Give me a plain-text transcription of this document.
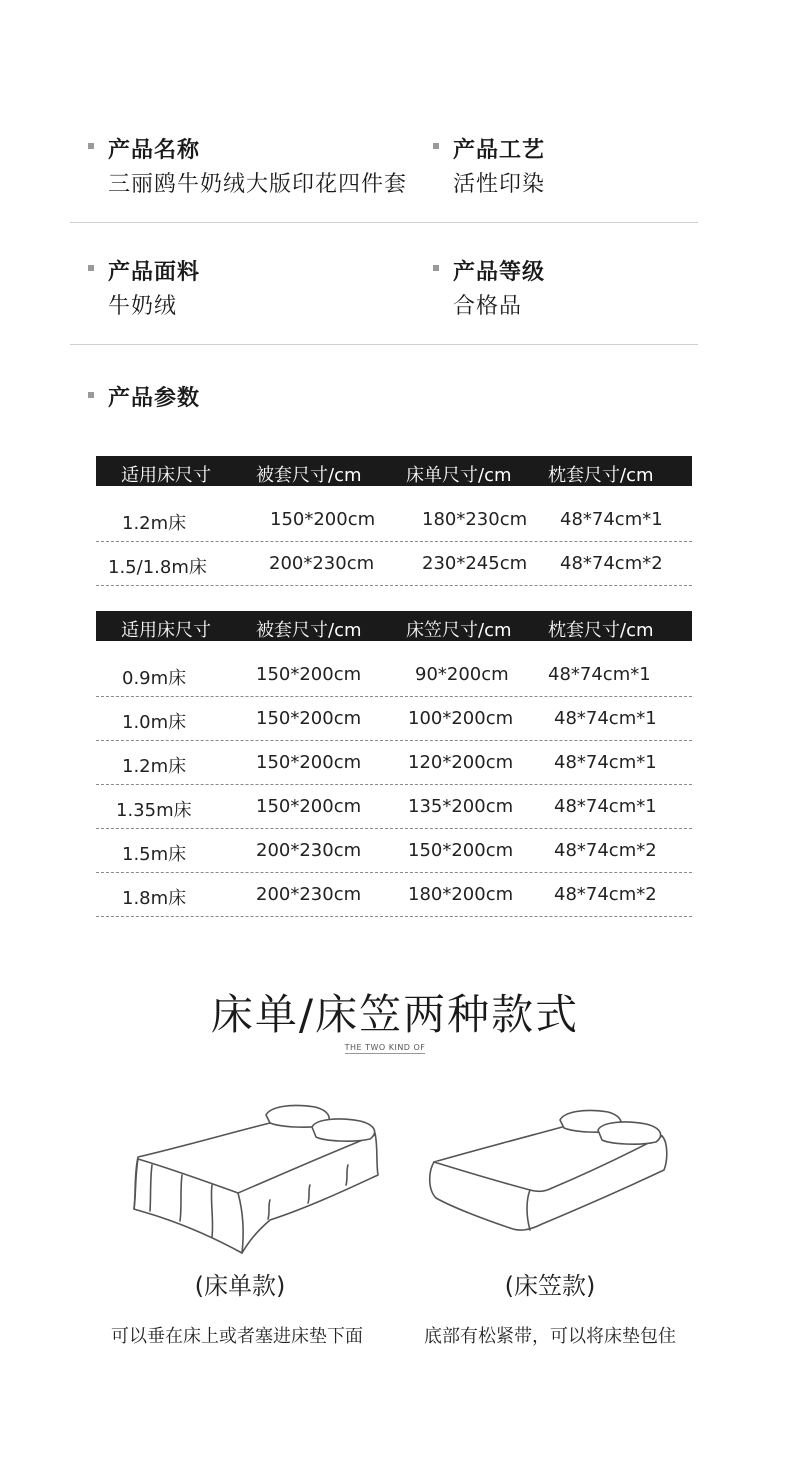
产品名称
三丽鸥牛奶绒大版印花四件套
产品工艺
活性印染
产品面料
牛奶绒
产品等级
合格品
产品参数
适用床尺寸	被套尺寸/cm 床单尺寸/cm 枕套尺寸/cm
1.2m床	150*200cm	180*230cm 48*74cm*1
1.5/1.8m床	200*230cm	230*245cm 48*74cm*2
适用床尺寸	被套尺寸/cm 床笠尺寸/cm 枕套尺寸/cm
0.9m床	150*200cm	90*200cm 48*74cm*1
1.0m床	150*200cm	100*200cm 48*74cm*1
1.2m床	150*200cm	120*200cm 48*74cm*1
1.35m床	150*200cm	135*200cm 48*74cm*1
1.5m床	200*230cm	150*200cm 48*74cm*2
1.8m床	200*230cm	180*200cm 48*74cm*2
床单/床笠两种款式
THE TWO KIND OF
(床单款)	(床笠款)
可以垂在床上或者塞进床垫下面	底部有松紧带，可以将床垫包住
